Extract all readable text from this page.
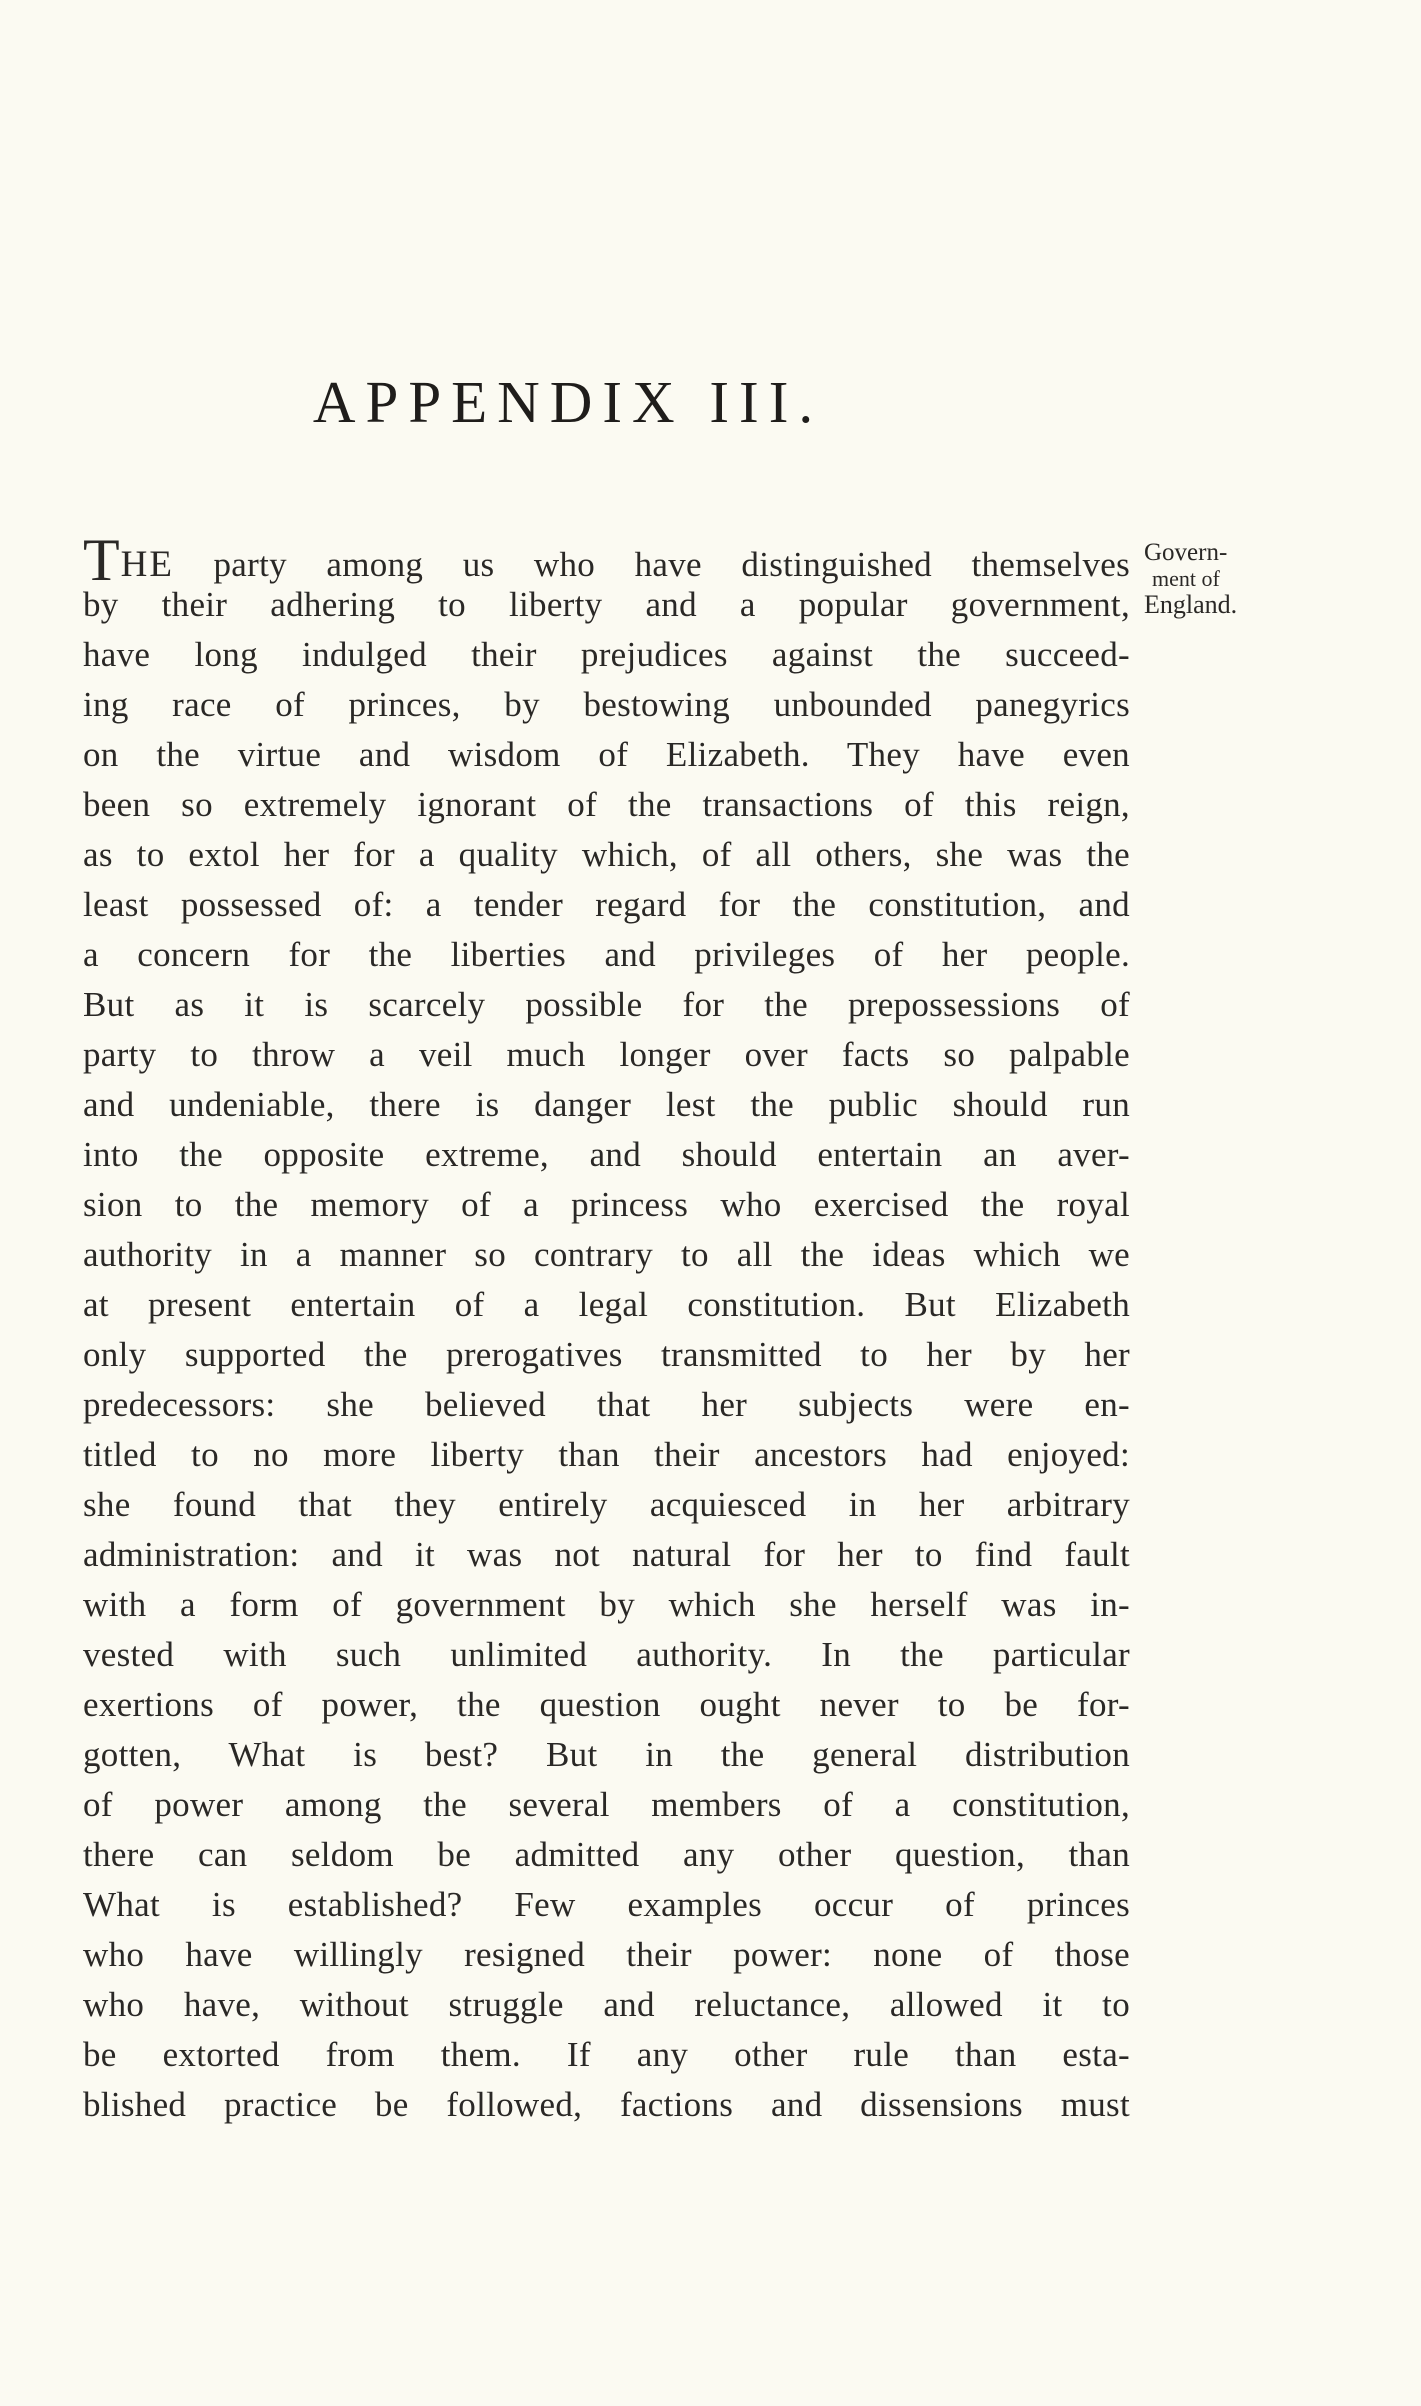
APPENDIX III.
Govern-
ment of
England.
THE party among us who have distinguished themselves
by their adhering to liberty and a popular government,
have long indulged their prejudices against the succeed-
ing race of princes, by bestowing unbounded panegyrics
on the virtue and wisdom of Elizabeth. They have even
been so extremely ignorant of the transactions of this reign,
as to extol her for a quality which, of all others, she was the
least possessed of: a tender regard for the constitution, and
a concern for the liberties and privileges of her people.
But as it is scarcely possible for the prepossessions of
party to throw a veil much longer over facts so palpable
and undeniable, there is danger lest the public should run
into the opposite extreme, and should entertain an aver-
sion to the memory of a princess who exercised the royal
authority in a manner so contrary to all the ideas which we
at present entertain of a legal constitution. But Elizabeth
only supported the prerogatives transmitted to her by her
predecessors: she believed that her subjects were en-
titled to no more liberty than their ancestors had enjoyed:
she found that they entirely acquiesced in her arbitrary
administration: and it was not natural for her to find fault
with a form of government by which she herself was in-
vested with such unlimited authority. In the particular
exertions of power, the question ought never to be for-
gotten, What is best? But in the general distribution
of power among the several members of a constitution,
there can seldom be admitted any other question, than
What is established? Few examples occur of princes
who have willingly resigned their power: none of those
who have, without struggle and reluctance, allowed it to
be extorted from them. If any other rule than esta-
blished practice be followed, factions and dissensions must
